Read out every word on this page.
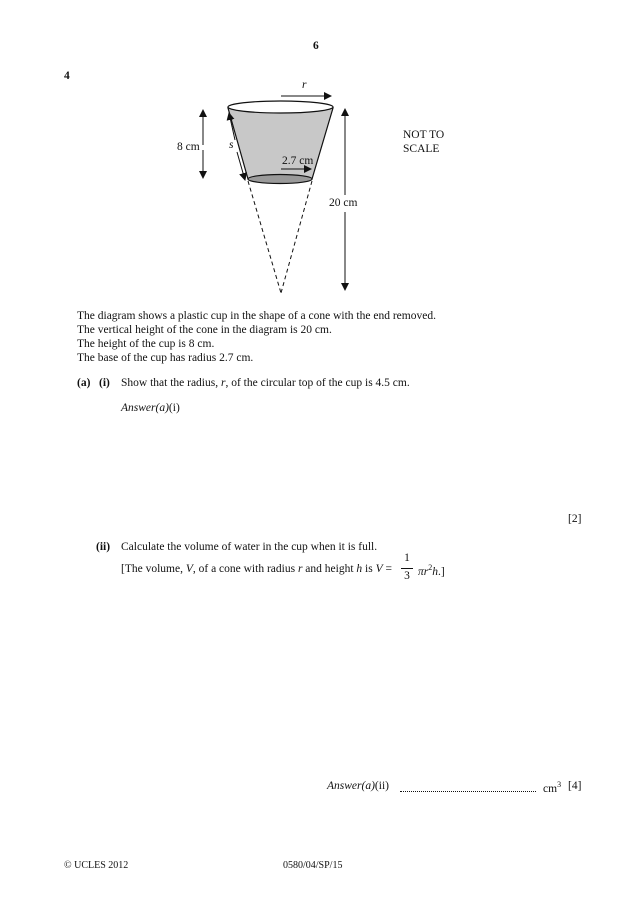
6
4
r
8 cm	s
2.7 cm
20 cm
NOT TO
SCALE
The diagram shows a plastic cup in the shape of a cone with the end removed.
The vertical height of the cone in the diagram is 20 cm.
The height of the cup is 8 cm.
The base of the cup has radius 2.7 cm.
(a) (i) Show that the radius, r, of the circular top of the cup is 4.5 cm.
Answer(a)(i)
[2]
(ii) Calculate the volume of water in the cup when it is full.
[The volume, V, of a cone with radius r and height h is V =
1
3 $\pi r^2h$.]
Answer(a)(ii)	$cm^3$ [4]
© UCLES 2012	0580/04/SP/15
